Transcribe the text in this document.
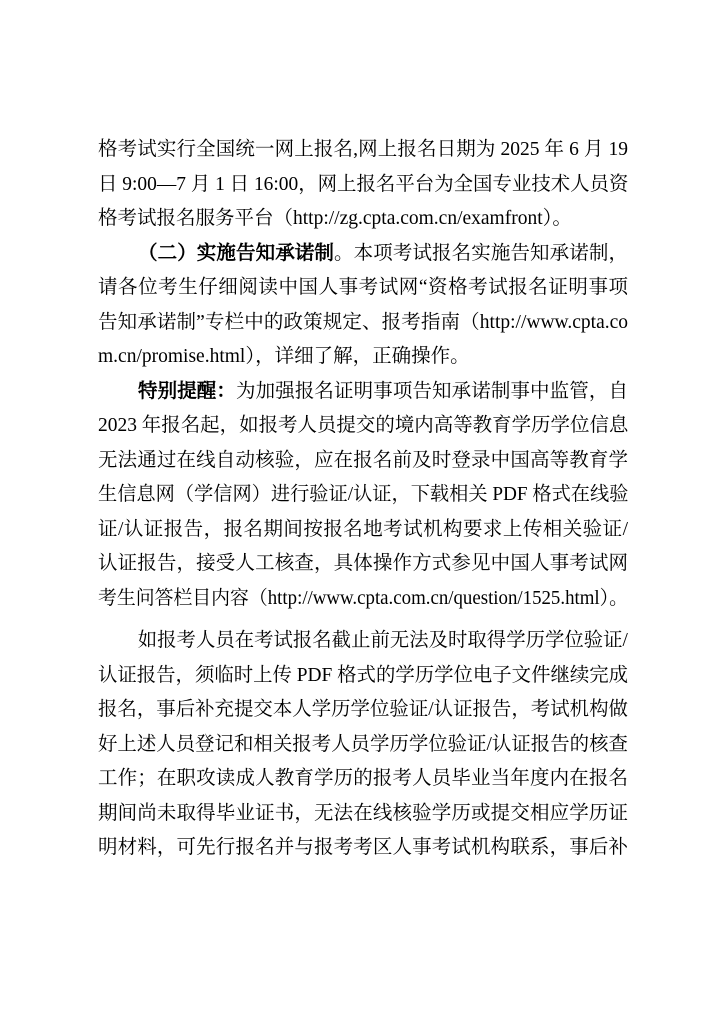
格考试实行全国统一网上报名,网上报名日期为 2025 年 6 月 19
日 9:00—7 月 1 日 16:00，网上报名平台为全国专业技术人员资
格考试报名服务平台（http://zg.cpta.com.cn/examfront）。
（二）实施告知承诺制。本项考试报名实施告知承诺制，
请各位考生仔细阅读中国人事考试网“资格考试报名证明事项
告知承诺制”专栏中的政策规定、报考指南（http://www.cpta.co
m.cn/promise.html），详细了解，正确操作。
特别提醒：为加强报名证明事项告知承诺制事中监管，自
2023 年报名起，如报考人员提交的境内高等教育学历学位信息
无法通过在线自动核验，应在报名前及时登录中国高等教育学
生信息网（学信网）进行验证/认证，下载相关 PDF 格式在线验
证/认证报告，报名期间按报名地考试机构要求上传相关验证/
认证报告，接受人工核查，具体操作方式参见中国人事考试网
考生问答栏目内容（http://www.cpta.com.cn/question/1525.html）。
如报考人员在考试报名截止前无法及时取得学历学位验证/
认证报告，须临时上传 PDF 格式的学历学位电子文件继续完成
报名，事后补充提交本人学历学位验证/认证报告，考试机构做
好上述人员登记和相关报考人员学历学位验证/认证报告的核查
工作；在职攻读成人教育学历的报考人员毕业当年度内在报名
期间尚未取得毕业证书，无法在线核验学历或提交相应学历证
明材料，可先行报名并与报考考区人事考试机构联系，事后补
